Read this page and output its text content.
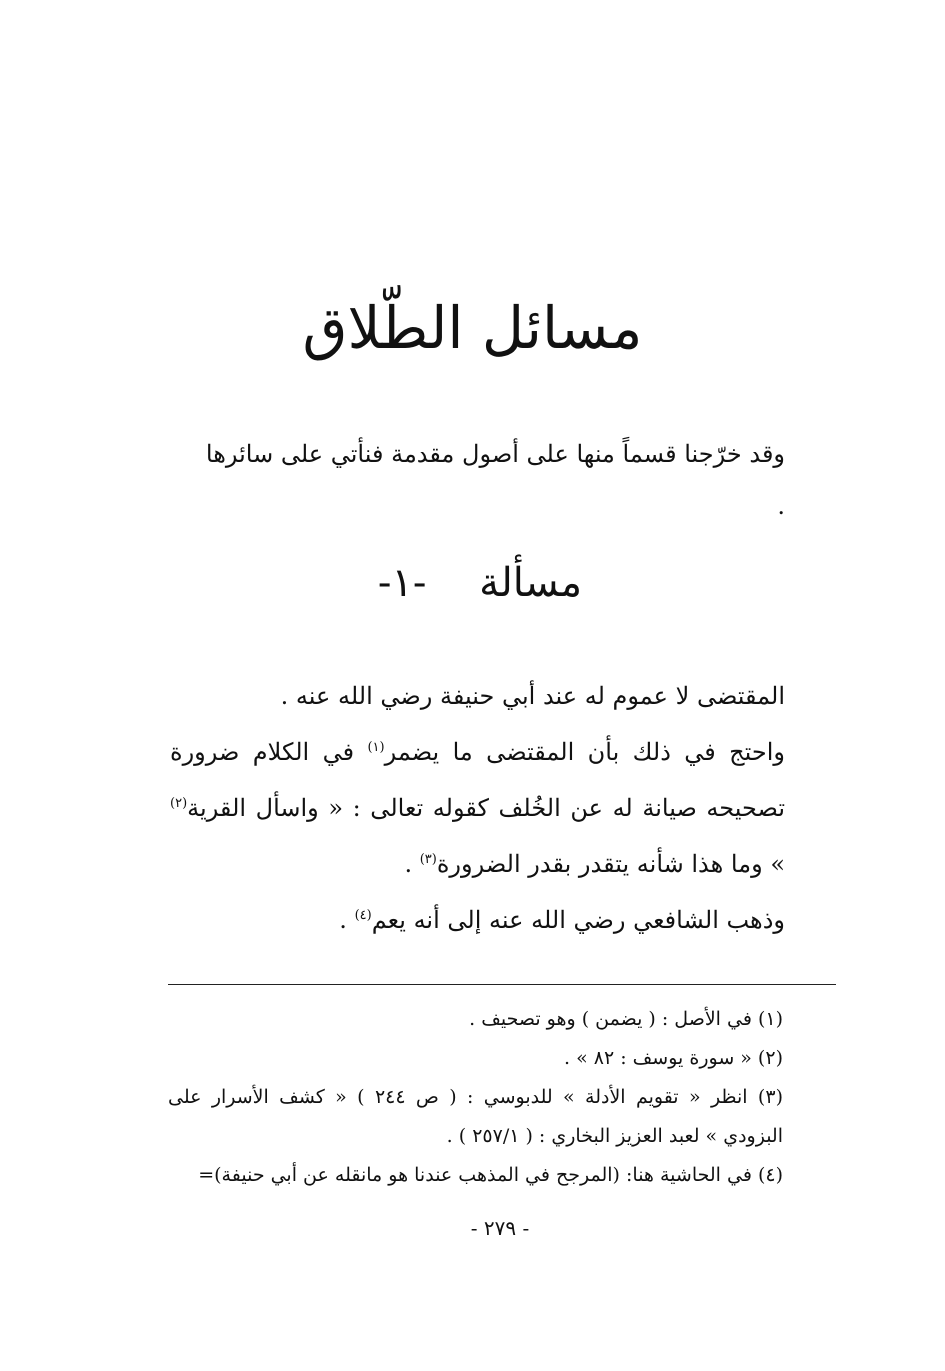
مسائل الطّلاق
وقد خرّجنا قسماً منها على أصول مقدمة فنأتي على سائرها .
مسألة -١-

المقتضى لا عموم له عند أبي حنيفة رضي الله عنه .

واحتج في ذلك بأن المقتضى ما يضمر$^{(١)}$ في الكلام ضرورة تصحيحه صيانة له عن الخُلف كقوله تعالى : « واسأل القرية$^{(٢)}$ » وما هذا شأنه يتقدر بقدر الضرورة$^{(٣)}$ .

وذهب الشافعي رضي الله عنه إلى أنه يعم$^{(٤)}$ .

(١) في الأصل : ( يضمن ) وهو تصحيف .

(٢) « سورة يوسف : ٨٢ » .

(٣) انظر « تقويم الأدلة » للدبوسي : ( ص ٢٤٤ ) « كشف الأسرار على البزودي » لعبد العزيز البخاري : ( ٢٥٧/١ ) .

(٤) في الحاشية هنا: (المرجح في المذهب عندنا هو مانقله عن أبي حنيفة)=

- ٢٧٩ -
